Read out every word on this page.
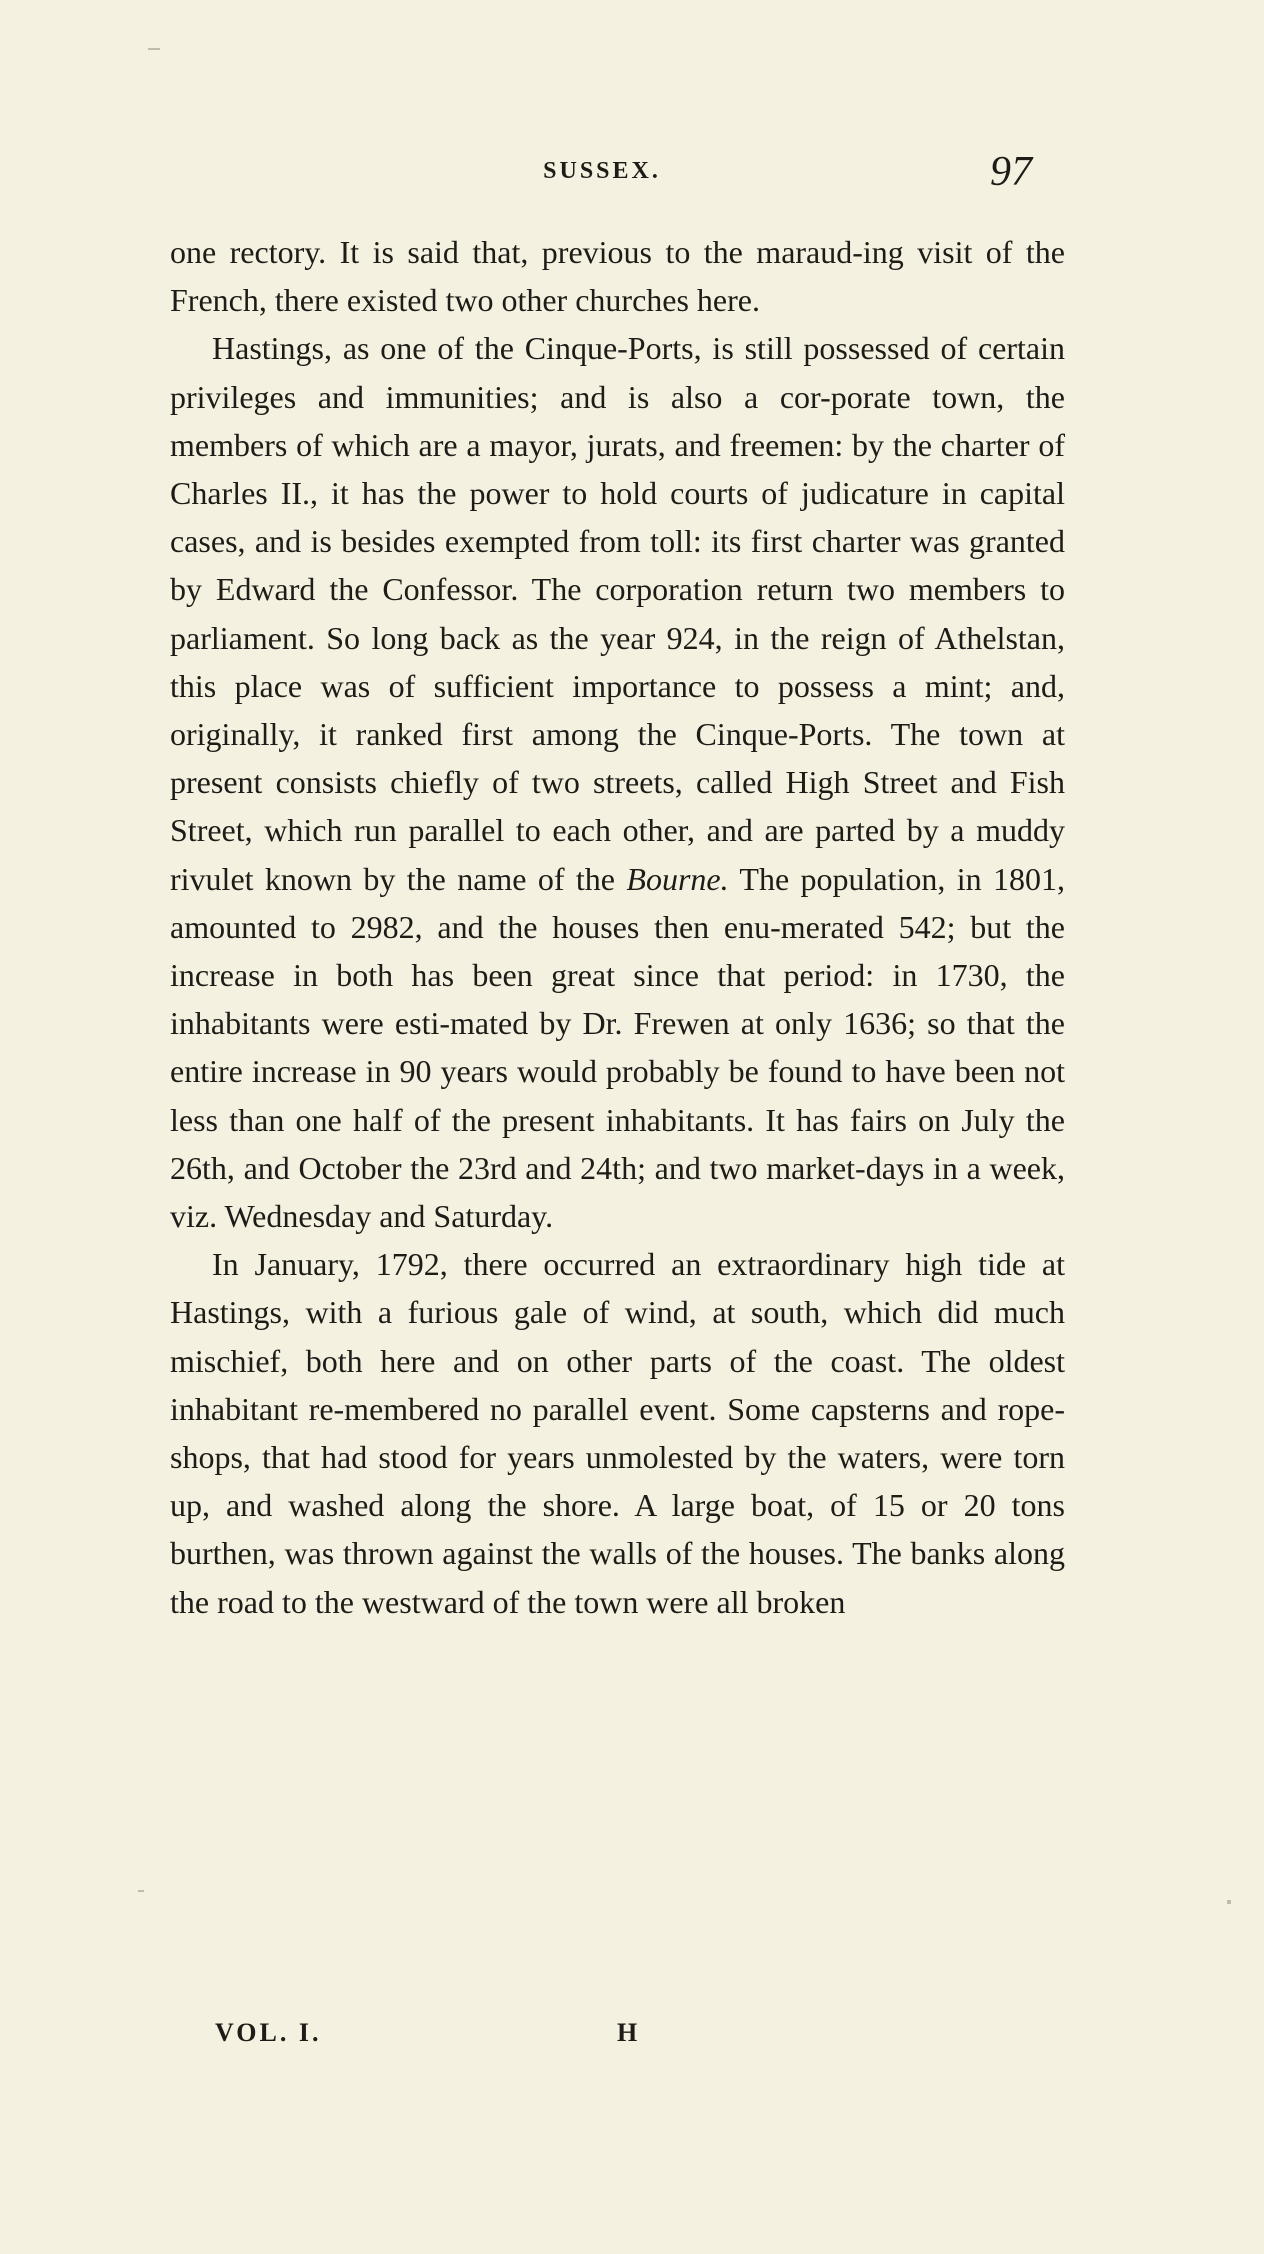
SUSSEX.	97

one rectory. It is said that, previous to the maraud-ing visit of the French, there existed two other churches here.

Hastings, as one of the Cinque-Ports, is still possessed of certain privileges and immunities; and is also a cor-porate town, the members of which are a mayor, jurats, and freemen: by the charter of Charles II., it has the power to hold courts of judicature in capital cases, and is besides exempted from toll: its first charter was granted by Edward the Confessor. The corporation return two members to parliament. So long back as the year 924, in the reign of Athelstan, this place was of sufficient importance to possess a mint; and, originally, it ranked first among the Cinque-Ports. The town at present consists chiefly of two streets, called High Street and Fish Street, which run parallel to each other, and are parted by a muddy rivulet known by the name of the Bourne. The population, in 1801, amounted to 2982, and the houses then enu-merated 542; but the increase in both has been great since that period: in 1730, the inhabitants were esti-mated by Dr. Frewen at only 1636; so that the entire increase in 90 years would probably be found to have been not less than one half of the present inhabitants. It has fairs on July the 26th, and October the 23rd and 24th; and two market-days in a week, viz. Wednesday and Saturday.

In January, 1792, there occurred an extraordinary high tide at Hastings, with a furious gale of wind, at south, which did much mischief, both here and on other parts of the coast. The oldest inhabitant re-membered no parallel event. Some capsterns and rope-shops, that had stood for years unmolested by the waters, were torn up, and washed along the shore. A large boat, of 15 or 20 tons burthen, was thrown against the walls of the houses. The banks along the road to the westward of the town were all broken

VOL. I.	H
